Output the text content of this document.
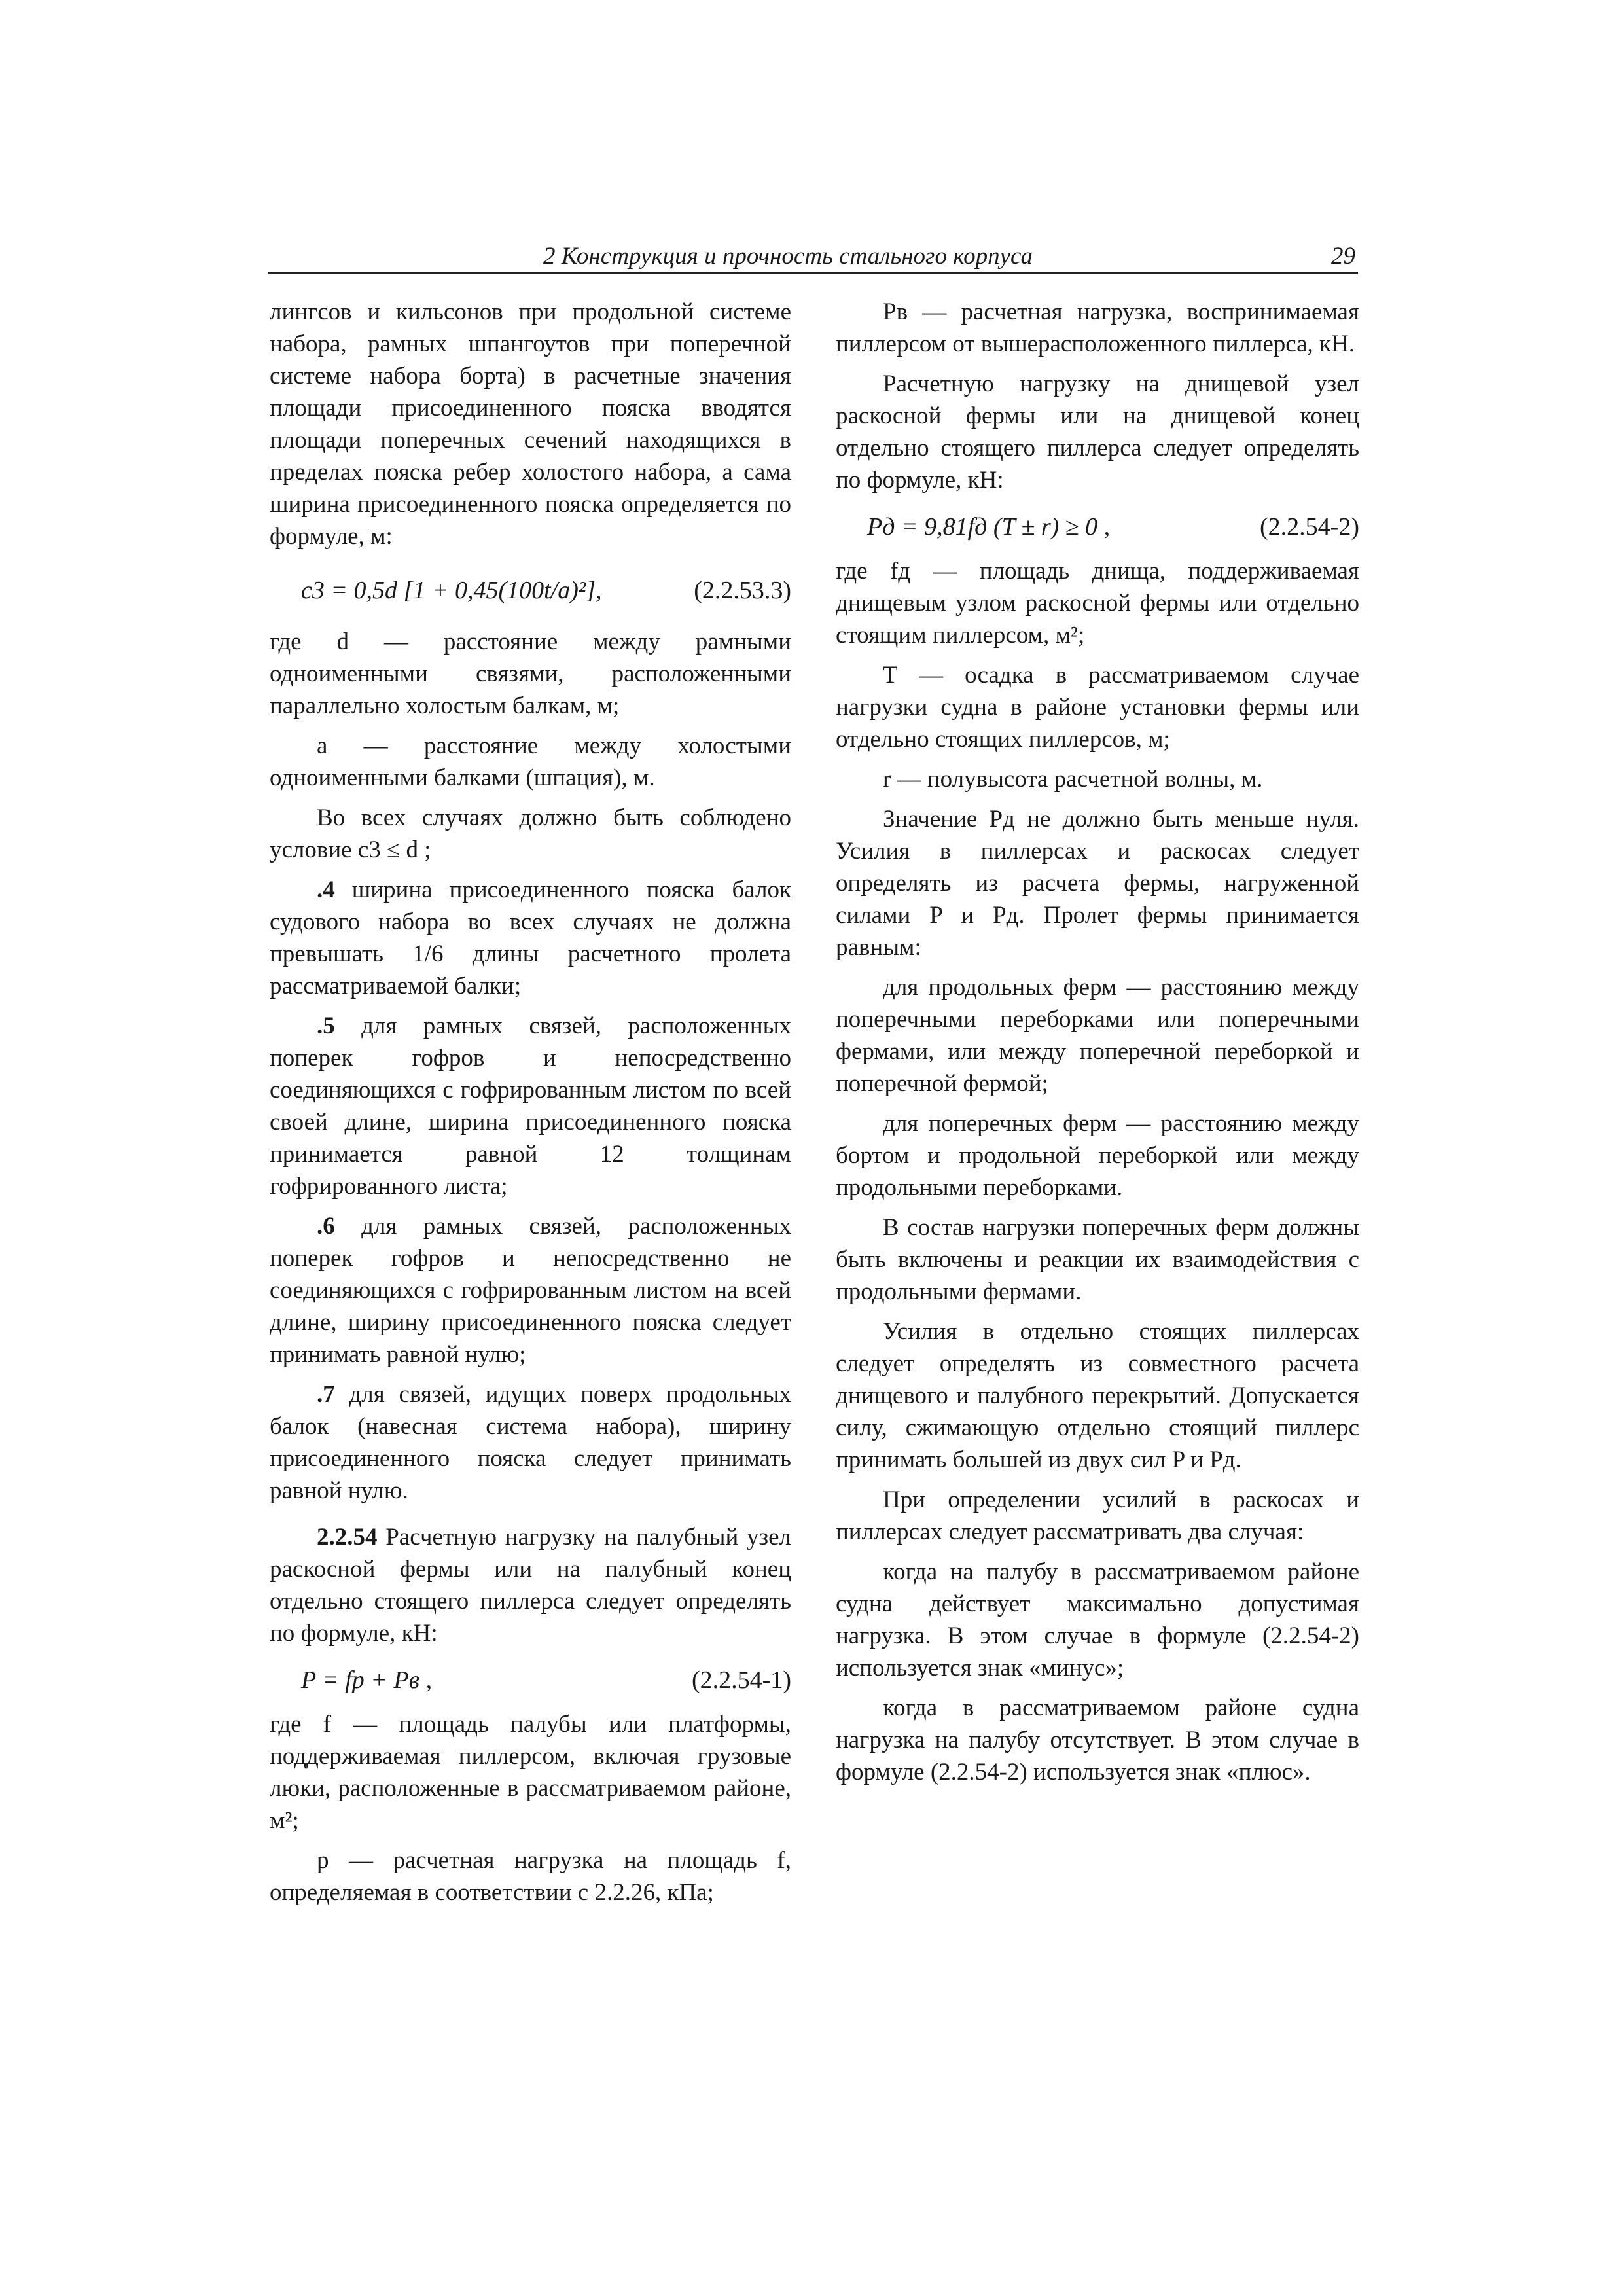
2 Конструкция и прочность стального корпуса	29

лингсов и кильсонов при продольной системе набора, рамных шпангоутов при поперечной системе набора борта) в расчетные значения площади присоединенного пояска вводятся площади поперечных сечений находящихся в пределах пояска ребер холостого набора, а сама ширина присоединенного пояска определяется по формуле, м:

c3 = 0,5d [1 + 0,45(100t/a)²],	(2.2.53.3)

где d — расстояние между рамными одноименными связями, расположенными параллельно холостым балкам, м;

a — расстояние между холостыми одноименными балками (шпация), м.

Во всех случаях должно быть соблюдено условие c3 ≤ d ;

.4 ширина присоединенного пояска балок судового набора во всех случаях не должна превышать 1/6 длины расчетного пролета рассматриваемой балки;

.5 для рамных связей, расположенных поперек гофров и непосредственно соединяющихся с гофрированным листом по всей своей длине, ширина присоединенного пояска принимается равной 12 толщинам гофрированного листа;

.6 для рамных связей, расположенных поперек гофров и непосредственно не соединяющихся с гофрированным листом на всей длине, ширину присоединенного пояска следует принимать равной нулю;

.7 для связей, идущих поверх продольных балок (навесная система набора), ширину присоединенного пояска следует принимать равной нулю.

2.2.54 Расчетную нагрузку на палубный узел раскосной фермы или на палубный конец отдельно стоящего пиллерса следует определять по формуле, кН:

P = fp + Pв ,	(2.2.54-1)

где f — площадь палубы или платформы, поддерживаемая пиллерсом, включая грузовые люки, расположенные в рассматриваемом районе, м²;

p — расчетная нагрузка на площадь f, определяемая в соответствии с 2.2.26, кПа;

Pв — расчетная нагрузка, воспринимаемая пиллерсом от вышерасположенного пиллерса, кН.

Расчетную нагрузку на днищевой узел раскосной фермы или на днищевой конец отдельно стоящего пиллерса следует определять по формуле, кН:

Pд = 9,81fд (T ± r) ≥ 0 ,	(2.2.54-2)

где fд — площадь днища, поддерживаемая днищевым узлом раскосной фермы или отдельно стоящим пиллерсом, м²;

T — осадка в рассматриваемом случае нагрузки судна в районе установки фермы или отдельно стоящих пиллерсов, м;

r — полувысота расчетной волны, м.

Значение Pд не должно быть меньше нуля. Усилия в пиллерсах и раскосах следует определять из расчета фермы, нагруженной силами P и Pд. Пролет фермы принимается равным:

для продольных ферм — расстоянию между поперечными переборками или поперечными фермами, или между поперечной переборкой и поперечной фермой;

для поперечных ферм — расстоянию между бортом и продольной переборкой или между продольными переборками.

В состав нагрузки поперечных ферм должны быть включены и реакции их взаимодействия с продольными фермами.

Усилия в отдельно стоящих пиллерсах следует определять из совместного расчета днищевого и палубного перекрытий. Допускается силу, сжимающую отдельно стоящий пиллерс принимать большей из двух сил P и Pд.

При определении усилий в раскосах и пиллерсах следует рассматривать два случая:

когда на палубу в рассматриваемом районе судна действует максимально допустимая нагрузка. В этом случае в формуле (2.2.54-2) используется знак «минус»;

когда в рассматриваемом районе судна нагрузка на палубу отсутствует. В этом случае в формуле (2.2.54-2) используется знак «плюс».
